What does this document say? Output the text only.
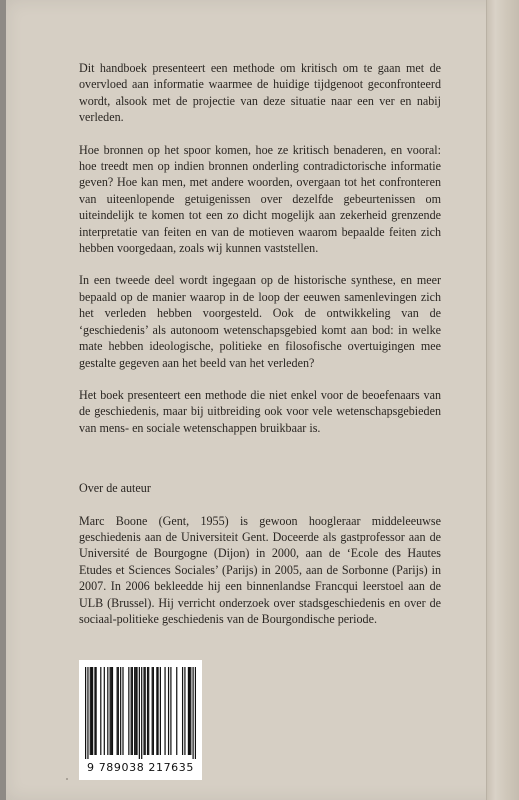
Dit handboek presenteert een methode om kritisch om te gaan met de overvloed aan informatie waarmee de huidige tijdgenoot geconfronteerd wordt, alsook met de projectie van deze situatie naar een ver en nabij verleden.

Hoe bronnen op het spoor komen, hoe ze kritisch benaderen, en vooral: hoe treedt men op indien bronnen onderling contradictorische informatie geven? Hoe kan men, met andere woorden, overgaan tot het confronteren van uiteenlopende getuigenissen over dezelfde gebeurtenissen om uiteindelijk te komen tot een zo dicht mogelijk aan zekerheid grenzende interpretatie van feiten en van de motieven waarom bepaalde feiten zich hebben voorgedaan, zoals wij kunnen vaststellen.

In een tweede deel wordt ingegaan op de historische synthese, en meer bepaald op de manier waarop in de loop der eeuwen samenlevingen zich het verleden hebben voorgesteld. Ook de ontwikkeling van de ‘geschiedenis’ als autonoom wetenschapsgebied komt aan bod: in welke mate hebben ideologische, politieke en filosofische overtuigingen mee gestalte gegeven aan het beeld van het verleden?

Het boek presenteert een methode die niet enkel voor de beoefenaars van de geschiedenis, maar bij uitbreiding ook voor vele wetenschapsgebieden van mens- en sociale wetenschappen bruikbaar is.

Over de auteur

Marc Boone (Gent, 1955) is gewoon hoogleraar middeleeuwse geschiedenis aan de Universiteit Gent. Doceerde als gastprofessor aan de Université de Bourgogne (Dijon) in 2000, aan de ‘Ecole des Hautes Etudes et Sciences Sociales’ (Parijs) in 2005, aan de Sorbonne (Parijs) in 2007. In 2006 bekleedde hij een binnenlandse Francqui leerstoel aan de ULB (Brussel). Hij verricht onderzoek over stadsgeschiedenis en over de sociaal-politieke geschiedenis van de Bourgondische periode.

9 789038 217635
